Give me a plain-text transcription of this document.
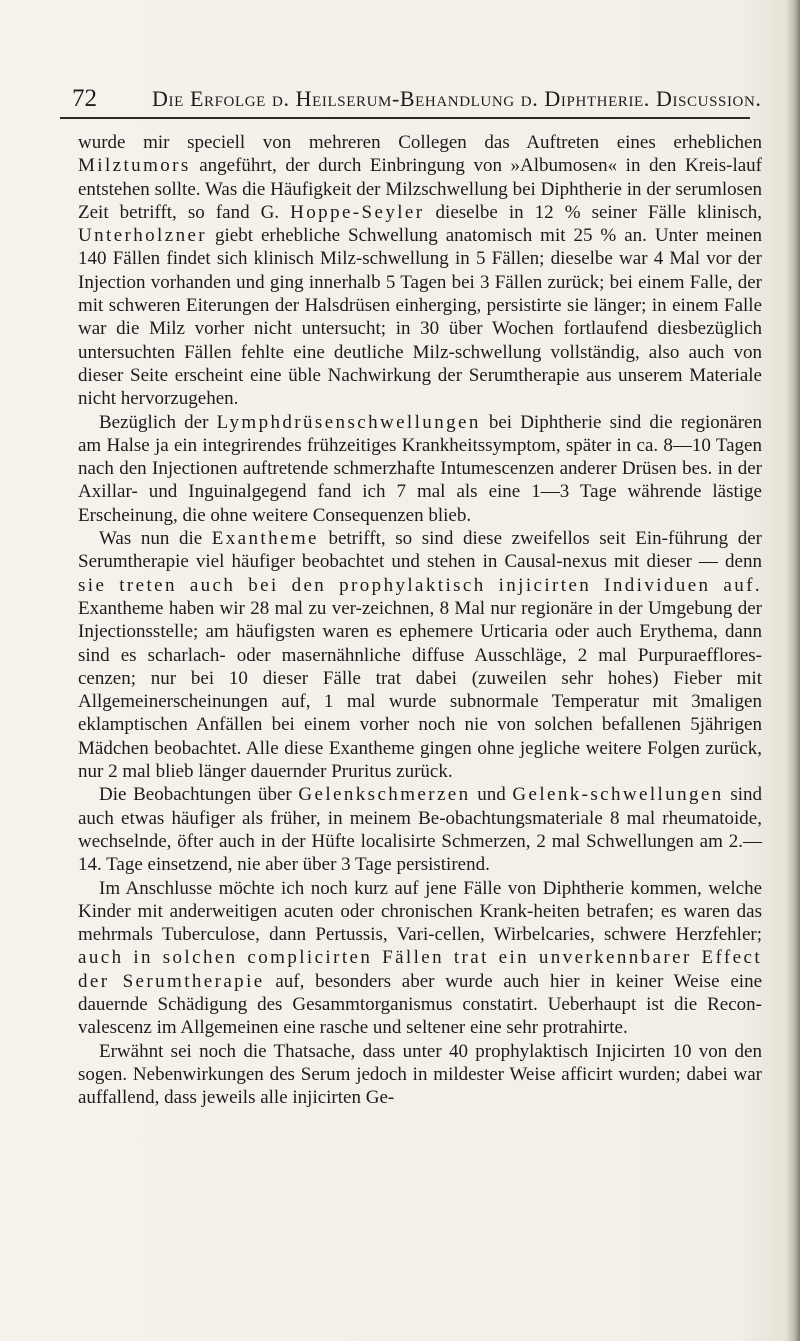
72	Die Erfolge d. Heilserum-Behandlung d. Diphtherie. Discussion.

wurde mir speciell von mehreren Collegen das Auftreten eines erheblichen Milztumors angeführt, der durch Einbringung von »Albumosen« in den Kreis-lauf entstehen sollte. Was die Häufigkeit der Milzschwellung bei Diphtherie in der serumlosen Zeit betrifft, so fand G. Hoppe-Seyler dieselbe in 12 % seiner Fälle klinisch, Unterholzner giebt erhebliche Schwellung anatomisch mit 25 % an. Unter meinen 140 Fällen findet sich klinisch Milz-schwellung in 5 Fällen; dieselbe war 4 Mal vor der Injection vorhanden und ging innerhalb 5 Tagen bei 3 Fällen zurück; bei einem Falle, der mit schweren Eiterungen der Halsdrüsen einherging, persistirte sie länger; in einem Falle war die Milz vorher nicht untersucht; in 30 über Wochen fortlaufend diesbezüglich untersuchten Fällen fehlte eine deutliche Milz-schwellung vollständig, also auch von dieser Seite erscheint eine üble Nachwirkung der Serumtherapie aus unserem Materiale nicht hervorzugehen.

Bezüglich der Lymphdrüsenschwellungen bei Diphtherie sind die regionären am Halse ja ein integrirendes frühzeitiges Krankheitssymptom, später in ca. 8—10 Tagen nach den Injectionen auftretende schmerzhafte Intumescenzen anderer Drüsen bes. in der Axillar- und Inguinalgegend fand ich 7 mal als eine 1—3 Tage währende lästige Erscheinung, die ohne weitere Consequenzen blieb.

Was nun die Exantheme betrifft, so sind diese zweifellos seit Ein-führung der Serumtherapie viel häufiger beobachtet und stehen in Causal-nexus mit dieser — denn sie treten auch bei den prophylaktisch injicirten Individuen auf. Exantheme haben wir 28 mal zu ver-zeichnen, 8 Mal nur regionäre in der Umgebung der Injectionsstelle; am häufigsten waren es ephemere Urticaria oder auch Erythema, dann sind es scharlach- oder masernähnliche diffuse Ausschläge, 2 mal Purpuraefflores-cenzen; nur bei 10 dieser Fälle trat dabei (zuweilen sehr hohes) Fieber mit Allgemeinerscheinungen auf, 1 mal wurde subnormale Temperatur mit 3maligen eklamptischen Anfällen bei einem vorher noch nie von solchen befallenen 5jährigen Mädchen beobachtet. Alle diese Exantheme gingen ohne jegliche weitere Folgen zurück, nur 2 mal blieb länger dauernder Pruritus zurück.

Die Beobachtungen über Gelenkschmerzen und Gelenk-schwellungen sind auch etwas häufiger als früher, in meinem Be-obachtungsmateriale 8 mal rheumatoide, wechselnde, öfter auch in der Hüfte localisirte Schmerzen, 2 mal Schwellungen am 2.—14. Tage einsetzend, nie aber über 3 Tage persistirend.

Im Anschlusse möchte ich noch kurz auf jene Fälle von Diphtherie kommen, welche Kinder mit anderweitigen acuten oder chronischen Krank-heiten betrafen; es waren das mehrmals Tuberculose, dann Pertussis, Vari-cellen, Wirbelcaries, schwere Herzfehler; auch in solchen complicirten Fällen trat ein unverkennbarer Effect der Serumtherapie auf, besonders aber wurde auch hier in keiner Weise eine dauernde Schädigung des Gesammtorganismus constatirt. Ueberhaupt ist die Recon-valescenz im Allgemeinen eine rasche und seltener eine sehr protrahirte.

Erwähnt sei noch die Thatsache, dass unter 40 prophylaktisch Injicirten 10 von den sogen. Nebenwirkungen des Serum jedoch in mildester Weise afficirt wurden; dabei war auffallend, dass jeweils alle injicirten Ge-
